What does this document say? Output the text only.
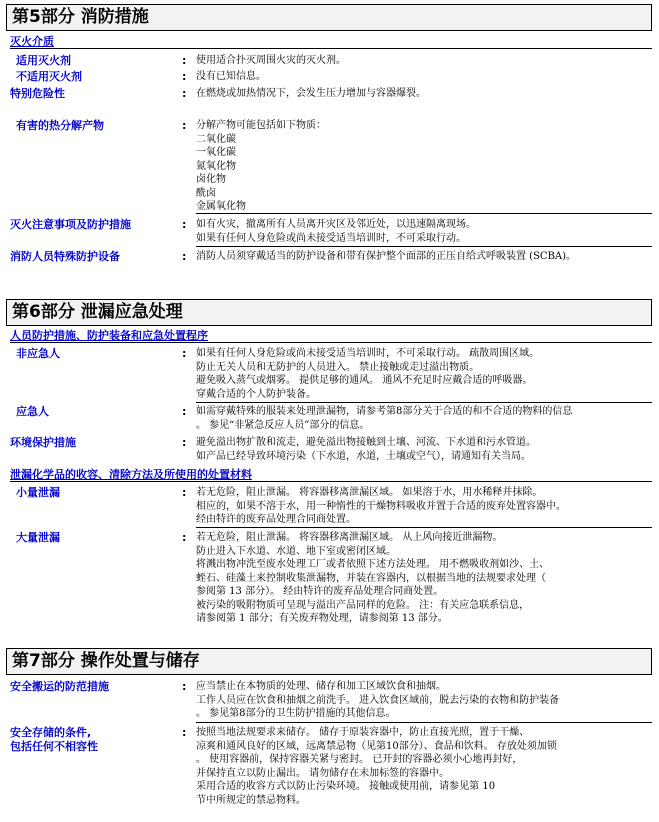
第5部分 消防措施
灭火介质
适用灭火剂	: 使用适合扑灭周围火灾的灭火剂。
不适用灭火剂	: 没有已知信息。
特别危险性	: 在燃烧或加热情况下，会发生压力增加与容器爆裂。
有害的热分解产物	: 分解产物可能包括如下物质：
二氧化碳
一氧化碳
氮氧化物
卤化物
酰卤
金属氧化物
灭火注意事项及防护措施	: 如有火灾，撤离所有人员离开灾区及邻近处，以迅速隔离现场。
如果有任何人身危险或尚未接受适当培训时，不可采取行动。
消防人员特殊防护设备	: 消防人员须穿戴适当的防护设备和带有保护整个面部的正压自给式呼吸装置 (SCBA)。
第6部分 泄漏应急处理
人员防护措施、防护装备和应急处置程序
非应急人	: 如果有任何人身危险或尚未接受适当培训时，不可采取行动。 疏散周围区域。
防止无关人员和无防护的人员进入。 禁止接触或走过溢出物质。
避免吸入蒸气或烟雾。 提供足够的通风。 通风不充足时应戴合适的呼吸器。
穿戴合适的个人防护装备。
应急人	: 如需穿戴特殊的服装来处理泄漏物，请参考第8部分关于合适的和不合适的物料的信息
。 参见“非紧急反应人员”部分的信息。
环境保护措施	: 避免溢出物扩散和流走，避免溢出物接触到土壤、河流、下水道和污水管道。
如产品已经导致环境污染（下水道，水道，土壤或空气），请通知有关当局。
泄漏化学品的收容、清除方法及所使用的处置材料
小量泄漏	: 若无危险，阻止泄漏。 将容器移离泄漏区域。 如果溶于水，用水稀释并抹除。
相应的，如果不溶于水，用一种惰性的干燥物料吸收并置于合适的废弃处置容器中。
经由特许的废弃品处理合同商处置。
大量泄漏	: 若无危险，阻止泄漏。 将容器移离泄漏区域。 从上风向接近泄漏物。
防止进入下水道、水道、地下室或密闭区域。
将溅出物冲洗至废水处理工厂或者依照下述方法处理。 用不燃吸收剂如沙、土、
蛭石、硅藻土来控制收集泄漏物，并装在容器内，以根据当地的法规要求处理（
参阅第 13 部分）。 经由特许的废弃品处理合同商处置。
被污染的吸附物质可呈现与溢出产品同样的危险。 注：有关应急联系信息，
请参阅第 1 部分；有关废弃物处理，请参阅第 13 部分。
第7部分 操作处置与储存
安全搬运的防范措施	: 应当禁止在本物质的处理、储存和加工区域饮食和抽烟。
工作人员应在饮食和抽烟之前洗手。 进入饮食区域前，脱去污染的衣物和防护装备
。 参见第8部分的卫生防护措施的其他信息。
安全存储的条件,
包括任何不相容性
: 按照当地法规要求来储存。 储存于原装容器中，防止直接光照，置于干燥、
凉爽和通风良好的区域，远离禁忌物（见第10部分）、食品和饮料。 存放处须加锁
。 使用容器前，保持容器关紧与密封。 已开封的容器必须小心地再封好，
并保持直立以防止漏出。 请勿储存在未加标签的容器中。
采用合适的收容方式以防止污染环境。 接触或使用前，请参见第 10
节中所规定的禁忌物料。
